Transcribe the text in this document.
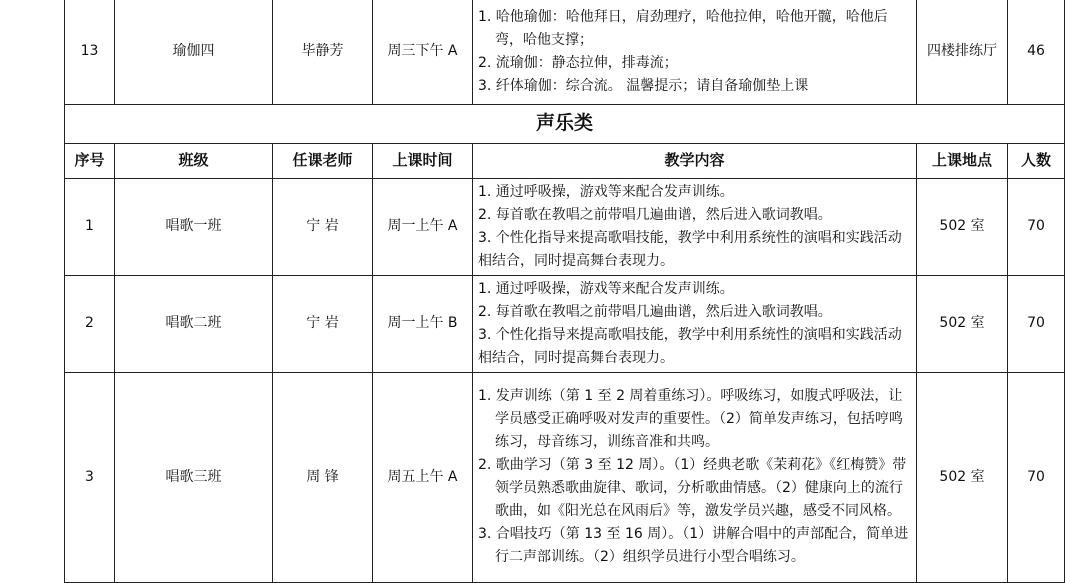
13	瑜伽四	毕静芳	周三下午 A	1. 哈他瑜伽：哈他拜日，肩劲理疗，哈他拉伸，哈他开髋，哈他后弯，哈他支撑；
2. 流瑜伽：静态拉伸，排毒流；
3. 纤体瑜伽：综合流。 温馨提示；请自备瑜伽垫上课	四楼排练厅	46
声乐类						
序号	班级	任课老师	上课时间	教学内容	上课地点	人数
1	唱歌一班	宁 岩	周一上午 A	1. 通过呼吸操，游戏等来配合发声训练。
2. 每首歌在教唱之前带唱几遍曲谱，然后进入歌词教唱。
3. 个性化指导来提高歌唱技能，教学中利用系统性的演唱和实践活动相结合，同时提高舞台表现力。	502 室	70
2	唱歌二班	宁 岩	周一上午 B	1. 通过呼吸操，游戏等来配合发声训练。
2. 每首歌在教唱之前带唱几遍曲谱，然后进入歌词教唱。
3. 个性化指导来提高歌唱技能，教学中利用系统性的演唱和实践活动相结合，同时提高舞台表现力。	502 室	70
3	唱歌三班	周 锋	周五上午 A	1. 发声训练（第 1 至 2 周着重练习）。呼吸练习，如腹式呼吸法，让学员感受正确呼吸对发声的重要性。（2）简单发声练习，包括哼鸣练习，母音练习，训练音准和共鸣。
2. 歌曲学习（第 3 至 12 周）。（1）经典老歌《茉莉花》《红梅赞》带领学员熟悉歌曲旋律、歌词，分析歌曲情感。（2）健康向上的流行歌曲，如《阳光总在风雨后》等，激发学员兴趣，感受不同风格。
3. 合唱技巧（第 13 至 16 周）。（1）讲解合唱中的声部配合，简单进行二声部训练。（2）组织学员进行小型合唱练习。	502 室	70
